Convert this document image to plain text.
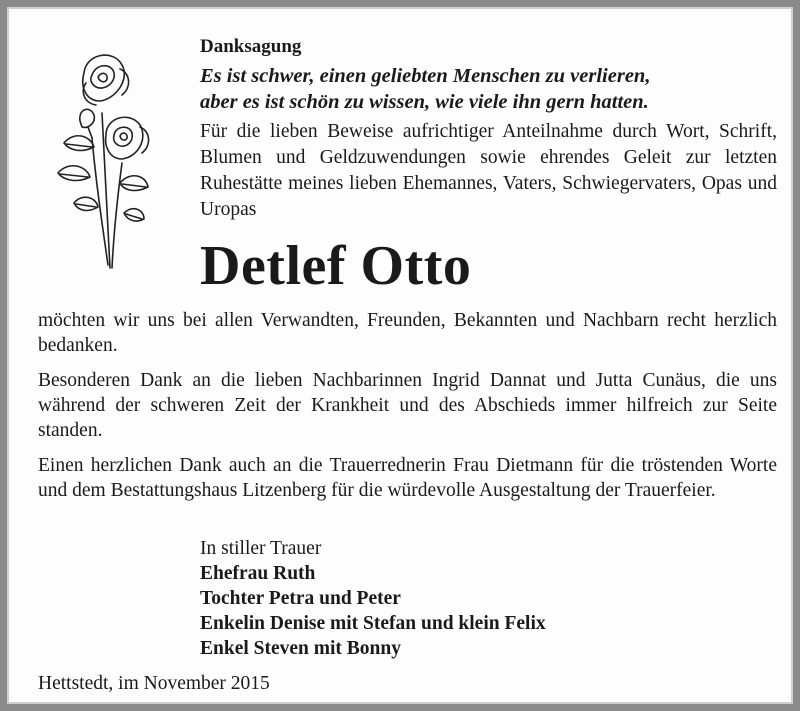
Danksagung

Es ist schwer, einen geliebten Menschen zu verlieren,
aber es ist schön zu wissen, wie viele ihn gern hatten.

Für die lieben Beweise aufrichtiger Anteilnahme durch Wort, Schrift, Blumen und Geldzuwendungen sowie ehrendes Geleit zur letzten Ruhestätte meines lieben Ehemannes, Vaters, Schwiegervaters, Opas und Uropas

Detlef Otto

möchten wir uns bei allen Verwandten, Freunden, Bekannten und Nachbarn recht herzlich bedanken.

Besonderen Dank an die lieben Nachbarinnen Ingrid Dannat und Jutta Cunäus, die uns während der schweren Zeit der Krankheit und des Abschieds immer hilfreich zur Seite standen.

Einen herzlichen Dank auch an die Trauerrednerin Frau Dietmann für die tröstenden Worte und dem Bestattungshaus Litzenberg für die würdevolle Ausgestaltung der Trauerfeier.

In stiller Trauer
Ehefrau Ruth
Tochter Petra und Peter
Enkelin Denise mit Stefan und klein Felix
Enkel Steven mit Bonny

Hettstedt, im November 2015
